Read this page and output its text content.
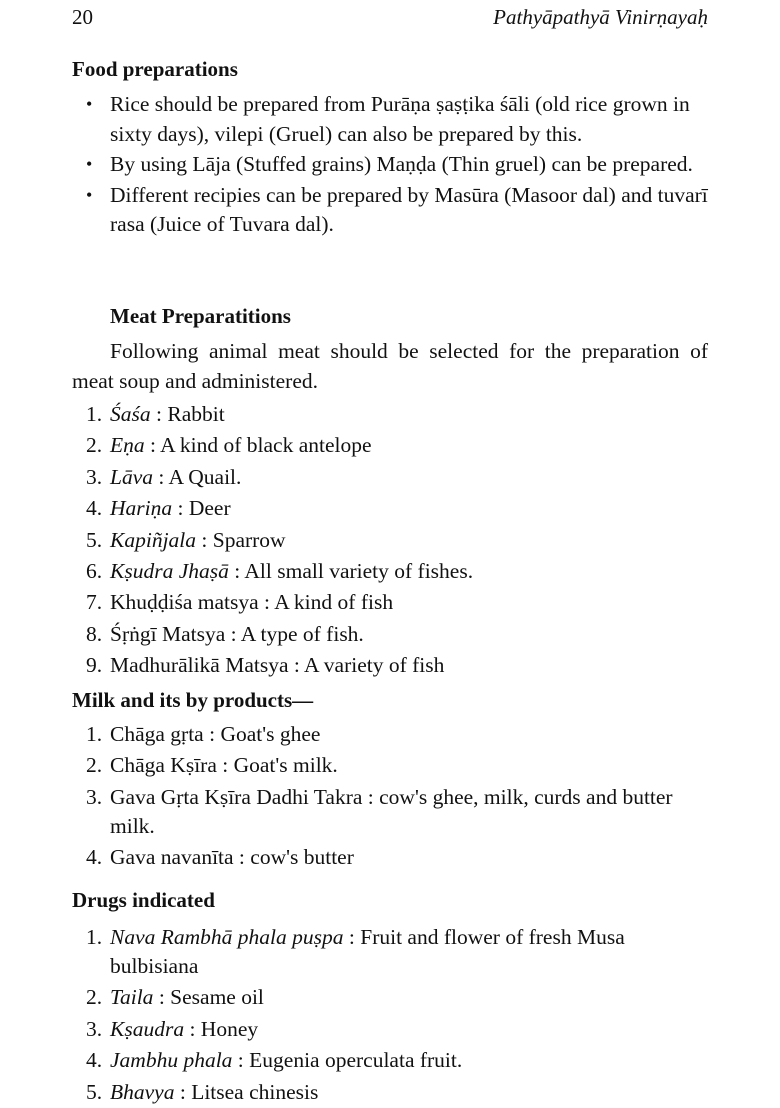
20	Pathyāpathyā Vinirṇayaḥ
Food preparations
• Rice should be prepared from Purāṇa ṣaṣṭika śāli (old rice grown in sixty days), vilepi (Gruel) can also be prepared by this.
• By using Lāja (Stuffed grains) Maṇḍa (Thin gruel) can be prepared.
• Different recipies can be prepared by Masūra (Masoor dal) and tuvarī rasa (Juice of Tuvara dal).
Meat Preparatitions

Following animal meat should be selected for the preparation of meat soup and administered.

1. Śaśa : Rabbit
2. Eṇa : A kind of black antelope
3. Lāva : A Quail.
4. Hariṇa : Deer
5. Kapiñjala : Sparrow
6. Kṣudra Jhaṣā : All small variety of fishes.
7. Khuḍḍiśa matsya : A kind of fish
8. Śṛṅgī Matsya : A type of fish.
9. Madhurālikā Matsya : A variety of fish
Milk and its by products—
1. Chāga gṛta : Goat's ghee
2. Chāga Kṣīra : Goat's milk.
3. Gava Gṛta Kṣīra Dadhi Takra : cow's ghee, milk, curds and butter milk.
4. Gava navanīta : cow's butter
Drugs indicated
1. Nava Rambhā phala puṣpa : Fruit and flower of fresh Musa bulbisiana
2. Taila : Sesame oil
3. Kṣaudra : Honey
4. Jambhu phala : Eugenia operculata fruit.
5. Bhavya : Litsea chinesis
